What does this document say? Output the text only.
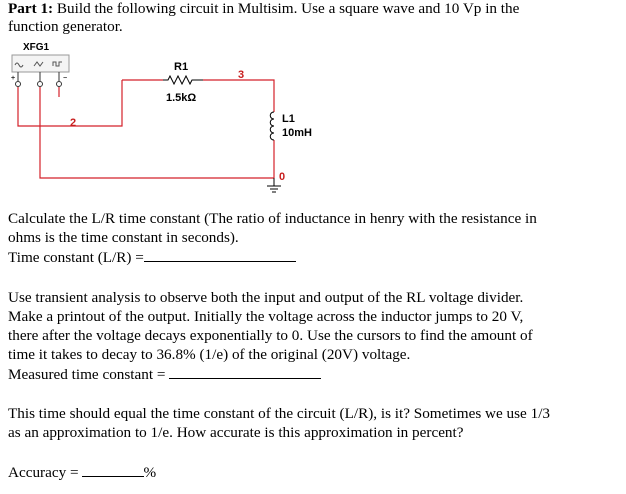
Part 1: Build the following circuit in Multisim. Use a square wave and 10 Vp in the
function generator.
XFG1
+	−
R1
1.5kΩ
L1
10mH
2
3
0
Calculate the L/R time constant (The ratio of inductance in henry with the resistance in
ohms is the time constant in seconds).
Time constant (L/R) =
Use transient analysis to observe both the input and output of the RL voltage divider.
Make a printout of the output. Initially the voltage across the inductor jumps to 20 V,
there after the voltage decays exponentially to 0. Use the cursors to find the amount of
time it takes to decay to 36.8% (1/e) of the original (20V) voltage.
Measured time constant =
This time should equal the time constant of the circuit (L/R), is it? Sometimes we use 1/3
as an approximation to 1/e. How accurate is this approximation in percent?
Accuracy =	%
